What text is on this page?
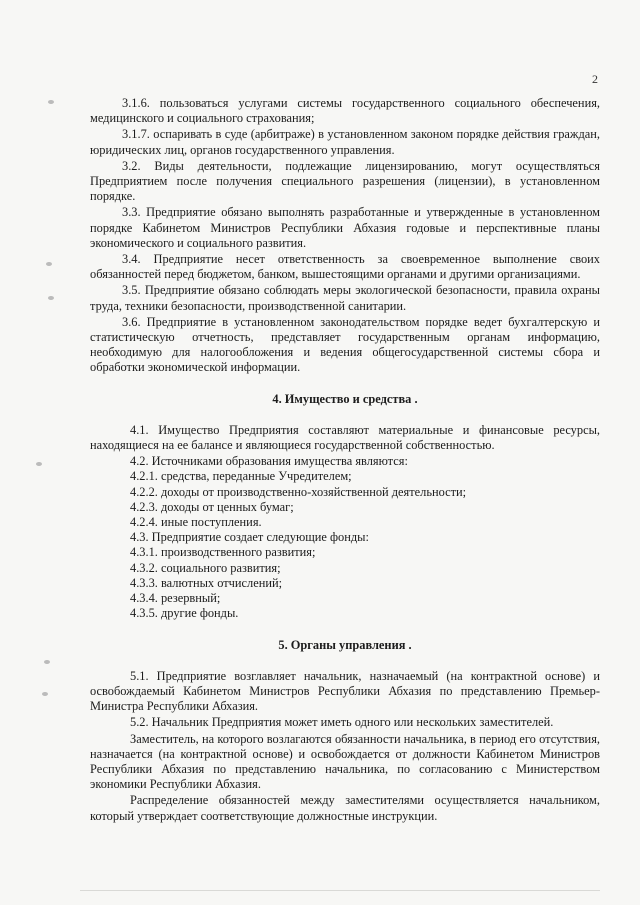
2

3.1.6. пользоваться услугами системы государственного социального обеспечения, медицинского и социального страхования;

3.1.7. оспаривать в суде (арбитраже) в установленном законом порядке действия граждан, юридических лиц, органов государственного управления.

3.2. Виды деятельности, подлежащие лицензированию, могут осуществляться Предприятием после получения специального разрешения (лицензии), в установленном порядке.

3.3. Предприятие обязано выполнять разработанные и утвержденные в установленном порядке Кабинетом Министров Республики Абхазия годовые и перспективные планы экономического и социального развития.

3.4. Предприятие несет ответственность за своевременное выполнение своих обязанностей перед бюджетом, банком, вышестоящими органами и другими организациями.

3.5. Предприятие обязано соблюдать меры экологической безопасности, правила охраны труда, техники безопасности, производственной санитарии.

3.6. Предприятие в установленном законодательством порядке ведет бухгалтерскую и статистическую отчетность, представляет государственным органам информацию, необходимую для налогообложения и ведения общегосударственной системы сбора и обработки экономической информации.

4. Имущество и средства .

4.1. Имущество Предприятия составляют материальные и финансовые ресурсы, находящиеся на ее балансе и являющиеся государственной собственностью.

4.2. Источниками образования имущества являются:

4.2.1. средства, переданные Учредителем;

4.2.2. доходы от производственно-хозяйственной деятельности;

4.2.3. доходы от ценных бумаг;

4.2.4. иные поступления.

4.3. Предприятие создает следующие фонды:

4.3.1. производственного развития;

4.3.2. социального развития;

4.3.3. валютных отчислений;

4.3.4. резервный;

4.3.5. другие фонды.

5. Органы управления .

5.1. Предприятие возглавляет начальник, назначаемый (на контрактной основе) и освобождаемый Кабинетом Министров Республики Абхазия по представлению Премьер-Министра Республики Абхазия.

5.2. Начальник Предприятия может иметь одного или нескольких заместителей.

Заместитель, на которого возлагаются обязанности начальника, в период его отсутствия, назначается (на контрактной основе) и освобождается от должности Кабинетом Министров Республики Абхазия по представлению начальника, по согласованию с Министерством экономики Республики Абхазия.

Распределение обязанностей между заместителями осуществляется начальником, который утверждает соответствующие должностные инструкции.
